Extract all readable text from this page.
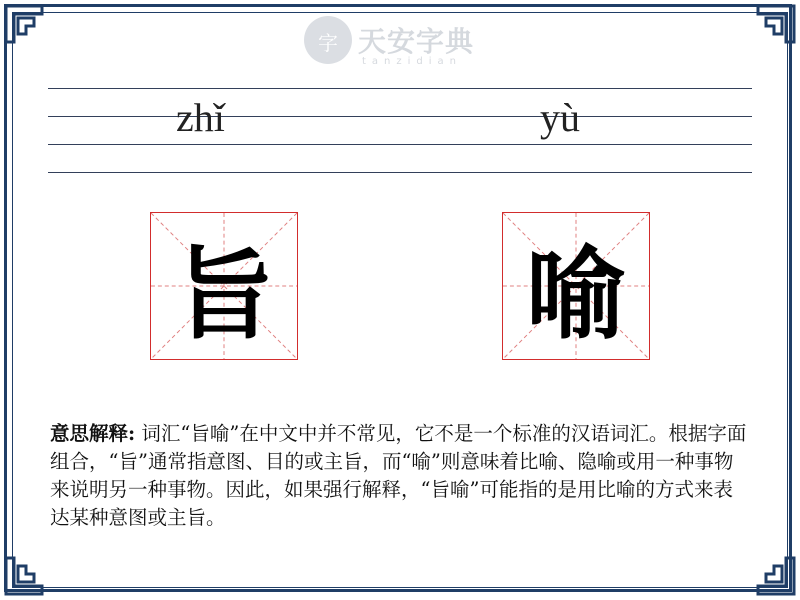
字 天安字典
tanzidian
zhǐ	yù
旨	喻
意思解释: 词汇“旨喻”在中文中并不常见，它不是一个标准的汉语词汇。根据字面组合，“旨”通常指意图、目的或主旨，而“喻”则意味着比喻、隐喻或用一种事物来说明另一种事物。因此，如果强行解释，“旨喻”可能指的是用比喻的方式来表达某种意图或主旨。
